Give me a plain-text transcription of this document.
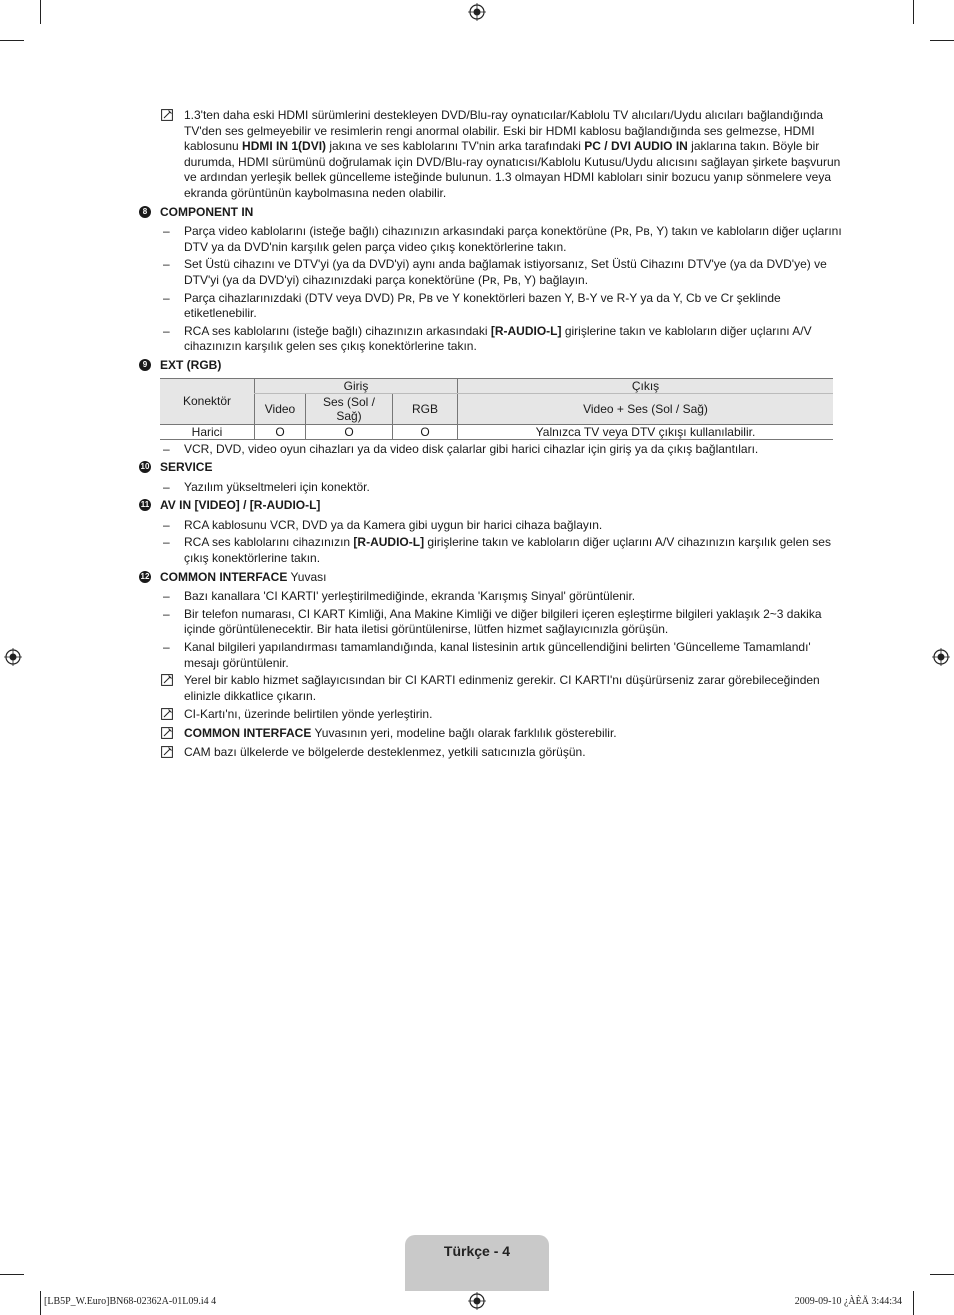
1.3'ten daha eski HDMI sürümlerini destekleyen DVD/Blu-ray oynatıcılar/Kablolu TV alıcıları/Uydu alıcıları bağlandığında TV'den ses gelmeyebilir ve resimlerin rengi anormal olabilir. Eski bir HDMI kablosu bağlandığında ses gelmezse, HDMI kablosunu HDMI IN 1(DVI) jakına ve ses kablolarını TV'nin arka tarafındaki PC / DVI AUDIO IN jaklarına takın. Böyle bir durumda, HDMI sürümünü doğrulamak için DVD/Blu-ray oynatıcısı/Kablolu Kutusu/Uydu alıcısını sağlayan şirkete başvurun ve ardından yerleşik bellek güncelleme isteğinde bulunun. 1.3 olmayan HDMI kabloları sinir bozucu yanıp sönmelere veya ekranda görüntünün kaybolmasına neden olabilir.
8	COMPONENT IN
– Parça video kablolarını (isteğe bağlı) cihazınızın arkasındaki parça konektörüne (Pʀ, Pʙ, Y) takın ve kabloların diğer uçlarını DTV ya da DVD'nin karşılık gelen parça video çıkış konektörlerine takın.
– Set Üstü cihazını ve DTV'yi (ya da DVD'yi) aynı anda bağlamak istiyorsanız, Set Üstü Cihazını DTV'ye (ya da DVD'ye) ve DTV'yi (ya da DVD'yi) cihazınızdaki parça konektörüne (Pʀ, Pʙ, Y) bağlayın.
– Parça cihazlarınızdaki (DTV veya DVD) Pʀ, Pʙ ve Y konektörleri bazen Y, B-Y ve R-Y ya da Y, Cb ve Cr şeklinde etiketlenebilir.
– RCA ses kablolarını (isteğe bağlı) cihazınızın arkasındaki [R-AUDIO-L] girişlerine takın ve kabloların diğer uçlarını A/V cihazınızın karşılık gelen ses çıkış konektörlerine takın.
9	EXT (RGB)
Konektör	Giriş			Çıkış
	Video	Ses (Sol / Sağ)	RGB	Video + Ses (Sol / Sağ)
Harici	O	O	O	Yalnızca TV veya DTV çıkışı kullanılabilir.
– VCR, DVD, video oyun cihazları ya da video disk çalarlar gibi harici cihazlar için giriş ya da çıkış bağlantıları.
10 SERVICE
– Yazılım yükseltmeleri için konektör.
11 AV IN [VIDEO] / [R-AUDIO-L]
– RCA kablosunu VCR, DVD ya da Kamera gibi uygun bir harici cihaza bağlayın.
– RCA ses kablolarını cihazınızın [R-AUDIO-L] girişlerine takın ve kabloların diğer uçlarını A/V cihazınızın karşılık gelen ses çıkış konektörlerine takın.
12 COMMON INTERFACE Yuvası
– Bazı kanallara 'CI KARTI' yerleştirilmediğinde, ekranda 'Karışmış Sinyal' görüntülenir.
– Bir telefon numarası, CI KART Kimliği, Ana Makine Kimliği ve diğer bilgileri içeren eşleştirme bilgileri yaklaşık 2~3 dakika içinde görüntülenecektir. Bir hata iletisi görüntülenirse, lütfen hizmet sağlayıcınızla görüşün.
– Kanal bilgileri yapılandırması tamamlandığında, kanal listesinin artık güncellendiğini belirten 'Güncelleme Tamamlandı' mesajı görüntülenir.
Yerel bir kablo hizmet sağlayıcısından bir CI KARTI edinmeniz gerekir. CI KARTI'nı düşürürseniz zarar görebileceğinden elinizle dikkatlice çıkarın.
CI-Kartı'nı, üzerinde belirtilen yönde yerleştirin.
COMMON INTERFACE Yuvasının yeri, modeline bağlı olarak farklılık gösterebilir.
CAM bazı ülkelerde ve bölgelerde desteklenmez, yetkili satıcınızla görüşün.
Türkçe - 4
[LB5P_W.Euro]BN68-02362A-01L09.i4 4	2009-09-10 ¿ÀÈÄ 3:44:34
